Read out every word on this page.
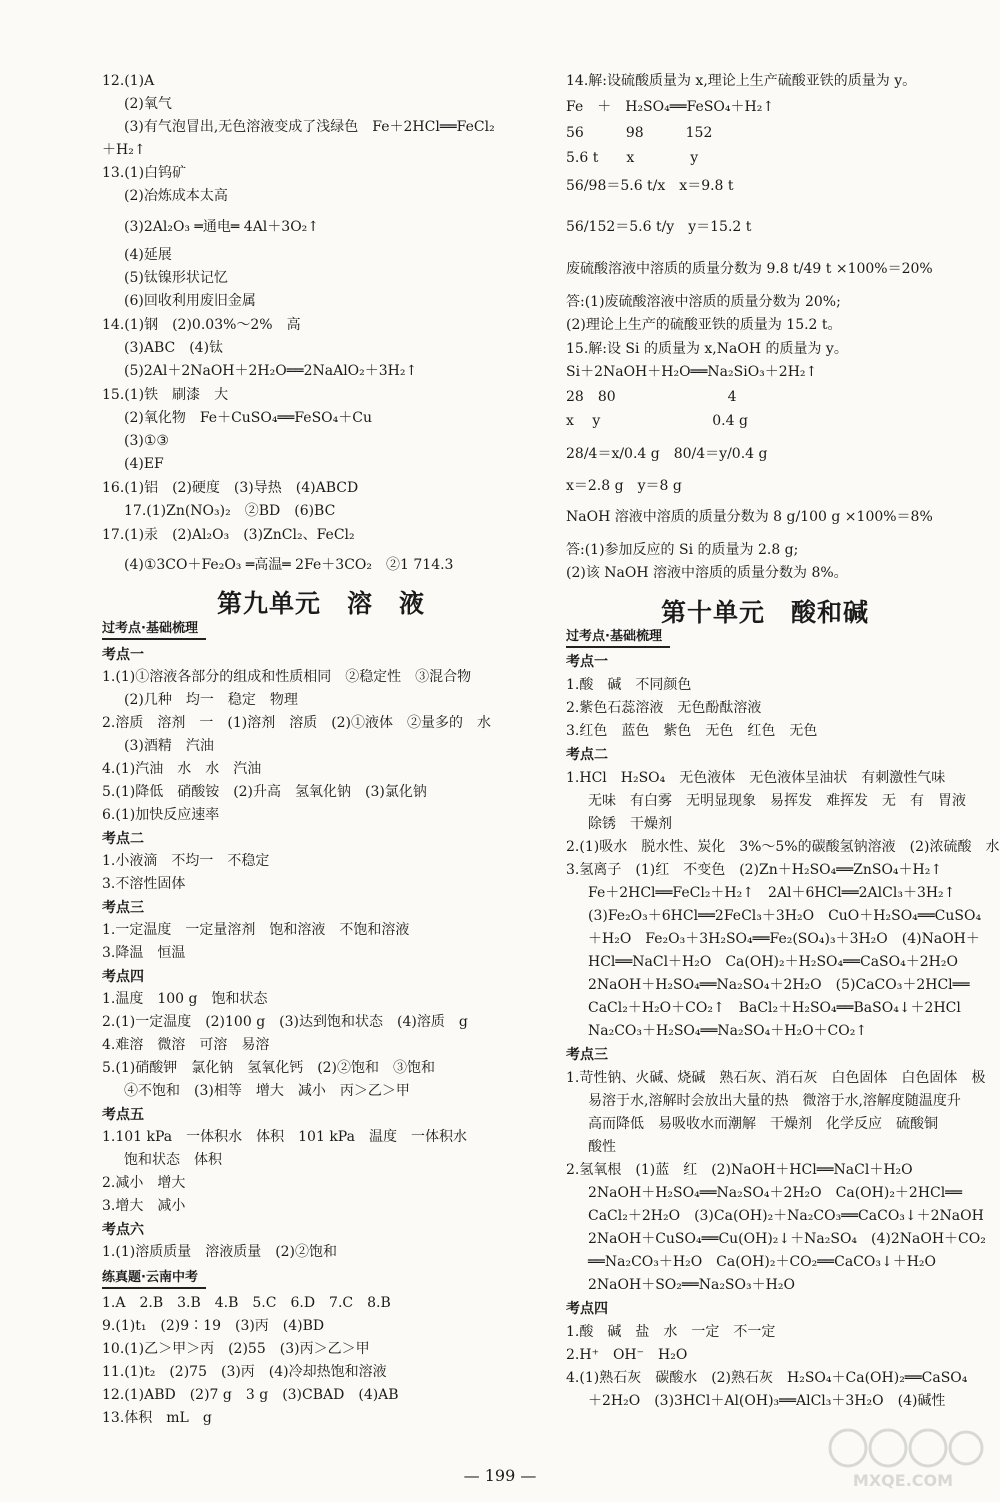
12.(1)A
(2)氧气
(3)有气泡冒出,无色溶液变成了浅绿色　Fe＋2HCl══FeCl₂
＋H₂↑
13.(1)白钨矿
(2)冶炼成本太高
(3)2Al₂O₃ ═通电═ 4Al＋3O₂↑
(4)延展
(5)钛镍形状记忆
(6)回收利用废旧金属
14.(1)钢　(2)0.03%～2%　高
(3)ABC　(4)钛
(5)2Al＋2NaOH＋2H₂O══2NaAlO₂＋3H₂↑
15.(1)铁　刷漆　大
(2)氧化物　Fe＋CuSO₄══FeSO₄＋Cu
(3)①③
(4)EF
16.(1)铝　(2)硬度　(3)导热　(4)ABCD
17.(1)Zn(NO₃)₂　②BD　(6)BC
17.(1)汞　(2)Al₂O₃　(3)ZnCl₂、FeCl₂
(4)①3CO＋Fe₂O₃ ═高温═ 2Fe＋3CO₂　②1 714.3
第九单元　溶　液
过考点·基础梳理
考点一
1.(1)①溶液各部分的组成和性质相同　②稳定性　③混合物
(2)几种　均一　稳定　物理
2.溶质　溶剂　一　(1)溶剂　溶质　(2)①液体　②量多的　水
(3)酒精　汽油
4.(1)汽油　水　水　汽油
5.(1)降低　硝酸铵　(2)升高　氢氧化钠　(3)氯化钠
6.(1)加快反应速率
考点二
1.小液滴　不均一　不稳定
3.不溶性固体
考点三
1.一定温度　一定量溶剂　饱和溶液　不饱和溶液
3.降温　恒温
考点四
1.温度　100 g　饱和状态
2.(1)一定温度　(2)100 g　(3)达到饱和状态　(4)溶质　g
4.难溶　微溶　可溶　易溶
5.(1)硝酸钾　氯化钠　氢氧化钙　(2)②饱和　③饱和
④不饱和　(3)相等　增大　减小　丙＞乙＞甲
考点五
1.101 kPa　一体积水　体积　101 kPa　温度　一体积水
饱和状态　体积
2.减小　增大
3.增大　减小
考点六
1.(1)溶质质量　溶液质量　(2)②饱和
练真题·云南中考
1.A　2.B　3.B　4.B　5.C　6.D　7.C　8.B
9.(1)t₁　(2)9∶19　(3)丙　(4)BD
10.(1)乙＞甲＞丙　(2)55　(3)丙＞乙＞甲
11.(1)t₂　(2)75　(3)丙　(4)冷却热饱和溶液
12.(1)ABD　(2)7 g　3 g　(3)CBAD　(4)AB
13.体积　mL　g
14.解:设硫酸质量为 x,理论上生产硫酸亚铁的质量为 y。
Fe　＋　H₂SO₄══FeSO₄＋H₂↑
56　　　98　　　152
5.6 t　　x　　　　y
56/98＝5.6 t/x　x＝9.8 t
56/152＝5.6 t/y　y＝15.2 t
废硫酸溶液中溶质的质量分数为 9.8 t/49 t ×100%＝20%
答:(1)废硫酸溶液中溶质的质量分数为 20%;
(2)理论上生产的硫酸亚铁的质量为 15.2 t。
15.解:设 Si 的质量为 x,NaOH 的质量为 y。
Si＋2NaOH＋H₂O══Na₂SiO₃＋2H₂↑
28　80　　　　　　　　4
x　 y　　　　　　　　0.4 g
28/4＝x/0.4 g　80/4＝y/0.4 g
x＝2.8 g　y＝8 g
NaOH 溶液中溶质的质量分数为 8 g/100 g ×100%＝8%
答:(1)参加反应的 Si 的质量为 2.8 g;
(2)该 NaOH 溶液中溶质的质量分数为 8%。
第十单元　酸和碱
过考点·基础梳理
考点一
1.酸　碱　不同颜色
2.紫色石蕊溶液　无色酚酞溶液
3.红色　蓝色　紫色　无色　红色　无色
考点二
1.HCl　H₂SO₄　无色液体　无色液体呈油状　有刺激性气味
无味　有白雾　无明显现象　易挥发　难挥发　无　有　胃液
除锈　干燥剂
2.(1)吸水　脱水性、炭化　3%～5%的碳酸氢钠溶液　(2)浓硫酸　水
3.氢离子　(1)红　不变色　(2)Zn＋H₂SO₄══ZnSO₄＋H₂↑
Fe＋2HCl══FeCl₂＋H₂↑　2Al＋6HCl══2AlCl₃＋3H₂↑
(3)Fe₂O₃＋6HCl══2FeCl₃＋3H₂O　CuO＋H₂SO₄══CuSO₄
＋H₂O　Fe₂O₃＋3H₂SO₄══Fe₂(SO₄)₃＋3H₂O　(4)NaOH＋
HCl══NaCl＋H₂O　Ca(OH)₂＋H₂SO₄══CaSO₄＋2H₂O
2NaOH＋H₂SO₄══Na₂SO₄＋2H₂O　(5)CaCO₃＋2HCl══
CaCl₂＋H₂O＋CO₂↑　BaCl₂＋H₂SO₄══BaSO₄↓＋2HCl
Na₂CO₃＋H₂SO₄══Na₂SO₄＋H₂O＋CO₂↑
考点三
1.苛性钠、火碱、烧碱　熟石灰、消石灰　白色固体　白色固体　极
易溶于水,溶解时会放出大量的热　微溶于水,溶解度随温度升
高而降低　易吸收水而潮解　干燥剂　化学反应　硫酸铜
酸性
2.氢氧根　(1)蓝　红　(2)NaOH＋HCl══NaCl＋H₂O
2NaOH＋H₂SO₄══Na₂SO₄＋2H₂O　Ca(OH)₂＋2HCl══
CaCl₂＋2H₂O　(3)Ca(OH)₂＋Na₂CO₃══CaCO₃↓＋2NaOH
2NaOH＋CuSO₄══Cu(OH)₂↓＋Na₂SO₄　(4)2NaOH＋CO₂
══Na₂CO₃＋H₂O　Ca(OH)₂＋CO₂══CaCO₃↓＋H₂O
2NaOH＋SO₂══Na₂SO₃＋H₂O
考点四
1.酸　碱　盐　水　一定　不一定
2.H⁺　OH⁻　H₂O
4.(1)熟石灰　碳酸水　(2)熟石灰　H₂SO₄＋Ca(OH)₂══CaSO₄
＋2H₂O　(3)3HCl＋Al(OH)₃══AlCl₃＋3H₂O　(4)碱性
— 199 —	MXQE.COM
